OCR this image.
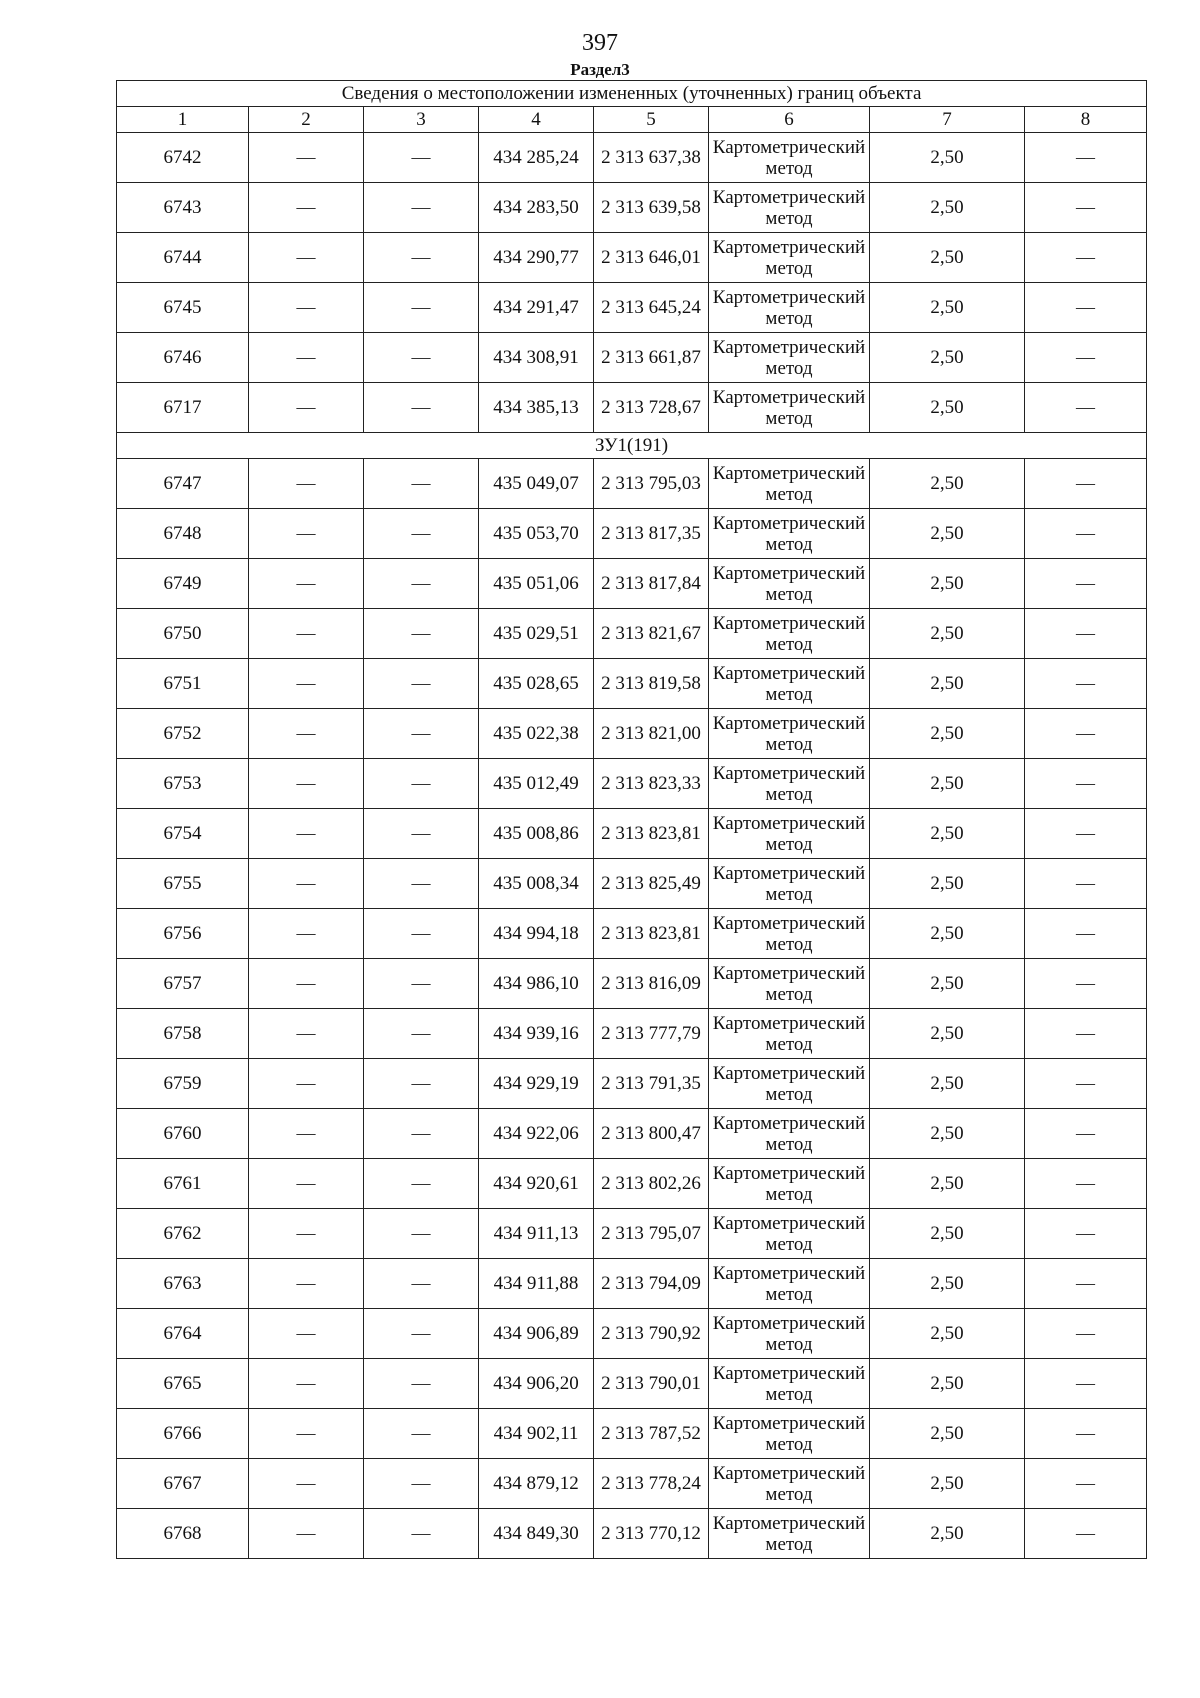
397
Раздел3
Сведения о местоположении измененных (уточненных) границ объекта							
1	2	3	4	5	6	7	8
6742	—	—	434 285,24	2 313 637,38	Картометрический метод	2,50	—
6743	—	—	434 283,50	2 313 639,58	Картометрический метод	2,50	—
6744	—	—	434 290,77	2 313 646,01	Картометрический метод	2,50	—
6745	—	—	434 291,47	2 313 645,24	Картометрический метод	2,50	—
6746	—	—	434 308,91	2 313 661,87	Картометрический метод	2,50	—
6717	—	—	434 385,13	2 313 728,67	Картометрический метод	2,50	—
ЗУ1(191)							
6747	—	—	435 049,07	2 313 795,03	Картометрический метод	2,50	—
6748	—	—	435 053,70	2 313 817,35	Картометрический метод	2,50	—
6749	—	—	435 051,06	2 313 817,84	Картометрический метод	2,50	—
6750	—	—	435 029,51	2 313 821,67	Картометрический метод	2,50	—
6751	—	—	435 028,65	2 313 819,58	Картометрический метод	2,50	—
6752	—	—	435 022,38	2 313 821,00	Картометрический метод	2,50	—
6753	—	—	435 012,49	2 313 823,33	Картометрический метод	2,50	—
6754	—	—	435 008,86	2 313 823,81	Картометрический метод	2,50	—
6755	—	—	435 008,34	2 313 825,49	Картометрический метод	2,50	—
6756	—	—	434 994,18	2 313 823,81	Картометрический метод	2,50	—
6757	—	—	434 986,10	2 313 816,09	Картометрический метод	2,50	—
6758	—	—	434 939,16	2 313 777,79	Картометрический метод	2,50	—
6759	—	—	434 929,19	2 313 791,35	Картометрический метод	2,50	—
6760	—	—	434 922,06	2 313 800,47	Картометрический метод	2,50	—
6761	—	—	434 920,61	2 313 802,26	Картометрический метод	2,50	—
6762	—	—	434 911,13	2 313 795,07	Картометрический метод	2,50	—
6763	—	—	434 911,88	2 313 794,09	Картометрический метод	2,50	—
6764	—	—	434 906,89	2 313 790,92	Картометрический метод	2,50	—
6765	—	—	434 906,20	2 313 790,01	Картометрический метод	2,50	—
6766	—	—	434 902,11	2 313 787,52	Картометрический метод	2,50	—
6767	—	—	434 879,12	2 313 778,24	Картометрический метод	2,50	—
6768	—	—	434 849,30	2 313 770,12	Картометрический метод	2,50	—
